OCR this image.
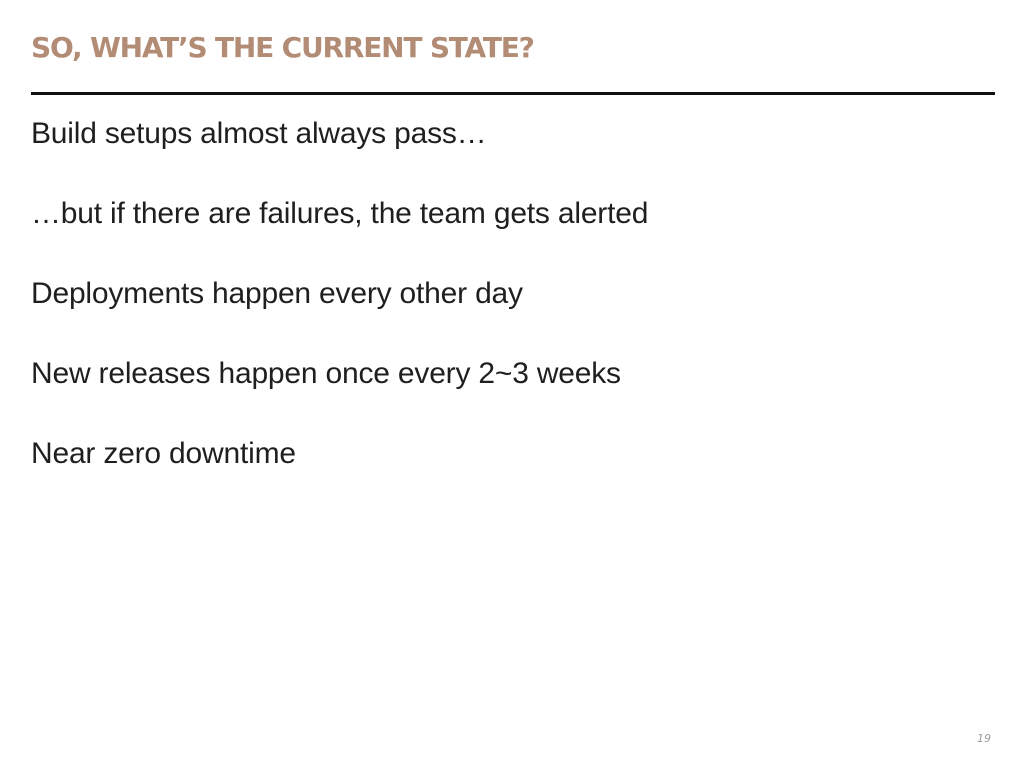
SO, WHAT’S THE CURRENT STATE?
Build setups almost always pass…
…but if there are failures, the team gets alerted
Deployments happen every other day
New releases happen once every 2~3 weeks
Near zero downtime
19
